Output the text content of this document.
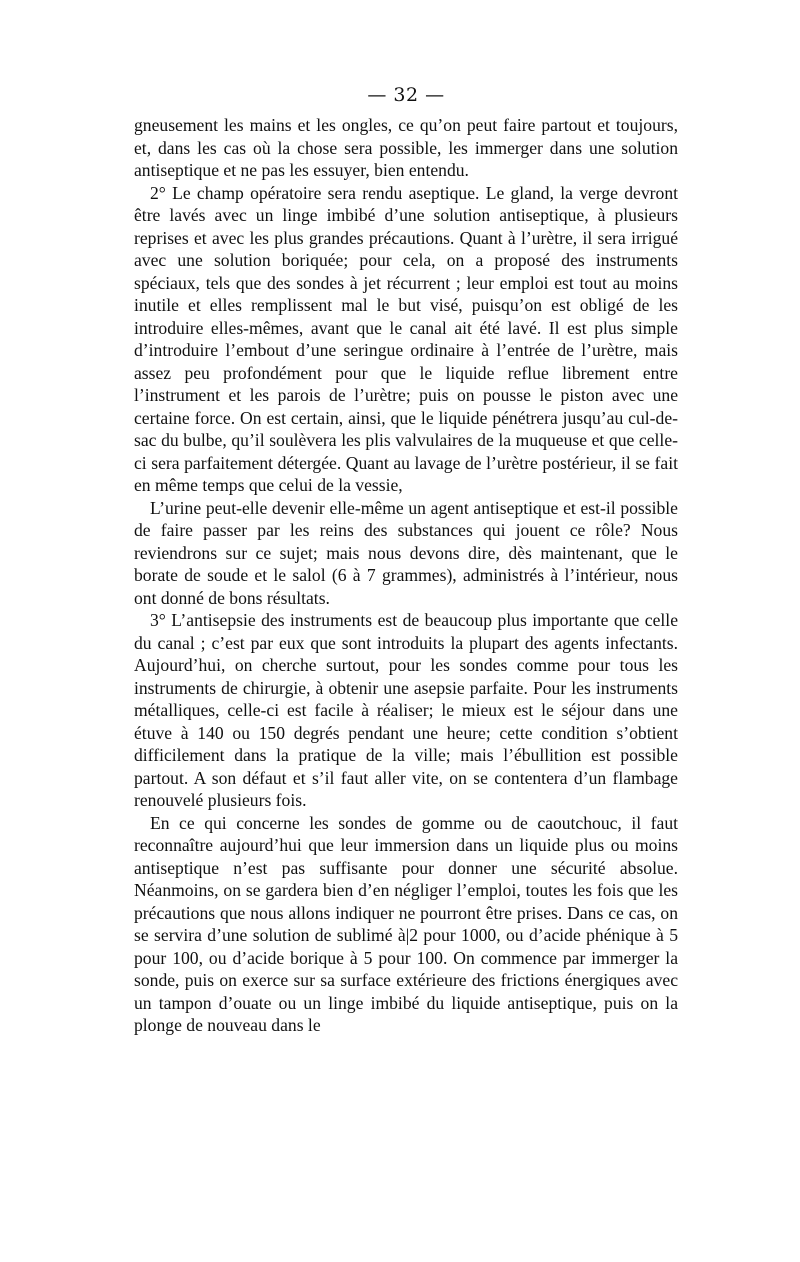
— 32 —

gneusement les mains et les ongles, ce qu’on peut faire partout et toujours, et, dans les cas où la chose sera possible, les immerger dans une solution antiseptique et ne pas les essuyer, bien entendu.

2° Le champ opératoire sera rendu aseptique. Le gland, la verge devront être lavés avec un linge imbibé d’une solution antiseptique, à plusieurs reprises et avec les plus grandes précautions. Quant à l’urètre, il sera irrigué avec une solution boriquée; pour cela, on a proposé des instruments spéciaux, tels que des sondes à jet récurrent ; leur emploi est tout au moins inutile et elles remplissent mal le but visé, puisqu’on est obligé de les introduire elles-mêmes, avant que le canal ait été lavé. Il est plus simple d’introduire l’embout d’une seringue ordinaire à l’entrée de l’urètre, mais assez peu profondément pour que le liquide reflue librement entre l’instrument et les parois de l’urètre; puis on pousse le piston avec une certaine force. On est certain, ainsi, que le liquide pénétrera jusqu’au cul-de-sac du bulbe, qu’il soulèvera les plis valvulaires de la muqueuse et que celle-ci sera parfaitement détergée. Quant au lavage de l’urètre postérieur, il se fait en même temps que celui de la vessie,

L’urine peut-elle devenir elle-même un agent antiseptique et est-il possible de faire passer par les reins des substances qui jouent ce rôle? Nous reviendrons sur ce sujet; mais nous devons dire, dès maintenant, que le borate de soude et le salol (6 à 7 grammes), administrés à l’intérieur, nous ont donné de bons résultats.

3° L’antisepsie des instruments est de beaucoup plus importante que celle du canal ; c’est par eux que sont introduits la plupart des agents infectants. Aujourd’hui, on cherche surtout, pour les sondes comme pour tous les instruments de chirurgie, à obtenir une asepsie parfaite. Pour les instruments métalliques, celle-ci est facile à réaliser; le mieux est le séjour dans une étuve à 140 ou 150 degrés pendant une heure; cette condition s’obtient difficilement dans la pratique de la ville; mais l’ébullition est possible partout. A son défaut et s’il faut aller vite, on se contentera d’un flambage renouvelé plusieurs fois.

En ce qui concerne les sondes de gomme ou de caoutchouc, il faut reconnaître aujourd’hui que leur immersion dans un liquide plus ou moins antiseptique n’est pas suffisante pour donner une sécurité absolue. Néanmoins, on se gardera bien d’en négliger l’emploi, toutes les fois que les précautions que nous allons indiquer ne pourront être prises. Dans ce cas, on se servira d’une solution de sublimé à|2 pour 1000, ou d’acide phénique à 5 pour 100, ou d’acide borique à 5 pour 100. On commence par immerger la sonde, puis on exerce sur sa surface extérieure des frictions énergiques avec un tampon d’ouate ou un linge imbibé du liquide antiseptique, puis on la plonge de nouveau dans le
